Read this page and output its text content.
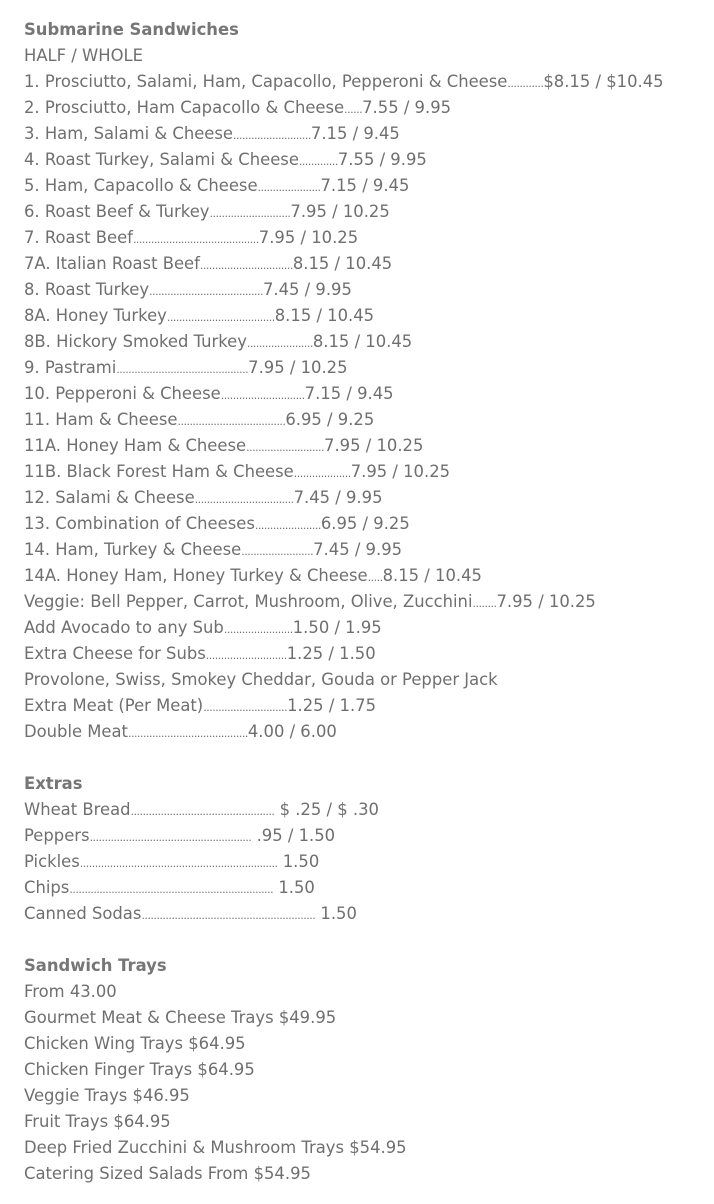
Submarine Sandwiches
HALF / WHOLE
1. Prosciutto, Salami, Ham, Capacollo, Pepperoni & Cheese............$8.15 / $10.45
2. Prosciutto, Ham Capacollo & Cheese......7.55 / 9.95
3. Ham, Salami & Cheese..........................7.15 / 9.45
4. Roast Turkey, Salami & Cheese.............7.55 / 9.95
5. Ham, Capacollo & Cheese.....................7.15 / 9.45
6. Roast Beef & Turkey...........................7.95 / 10.25
7. Roast Beef..........................................7.95 / 10.25
7A. Italian Roast Beef...............................8.15 / 10.45
8. Roast Turkey......................................7.45 / 9.95
8A. Honey Turkey....................................8.15 / 10.45
8B. Hickory Smoked Turkey......................8.15 / 10.45
9. Pastrami............................................7.95 / 10.25
10. Pepperoni & Cheese............................7.15 / 9.45
11. Ham & Cheese....................................6.95 / 9.25
11A. Honey Ham & Cheese..........................7.95 / 10.25
11B. Black Forest Ham & Cheese...................7.95 / 10.25
12. Salami & Cheese.................................7.45 / 9.95
13. Combination of Cheeses......................6.95 / 9.25
14. Ham, Turkey & Cheese........................7.45 / 9.95
14A. Honey Ham, Honey Turkey & Cheese.....8.15 / 10.45
Veggie: Bell Pepper, Carrot, Mushroom, Olive, Zucchini........7.95 / 10.25
Add Avocado to any Sub.......................1.50 / 1.95
Extra Cheese for Subs...........................1.25 / 1.50
Provolone, Swiss, Smokey Cheddar, Gouda or Pepper Jack
Extra Meat (Per Meat)............................1.25 / 1.75
Double Meat........................................4.00 / 6.00
Extras
Wheat Bread................................................ $ .25 / $ .30
Peppers...................................................... .95 / 1.50
Pickles.................................................................. 1.50
Chips.................................................................... 1.50
Canned Sodas.......................................................... 1.50
Sandwich Trays
From 43.00
Gourmet Meat & Cheese Trays $49.95
Chicken Wing Trays $64.95
Chicken Finger Trays $64.95
Veggie Trays $46.95
Fruit Trays $64.95
Deep Fried Zucchini & Mushroom Trays $54.95
Catering Sized Salads From $54.95
